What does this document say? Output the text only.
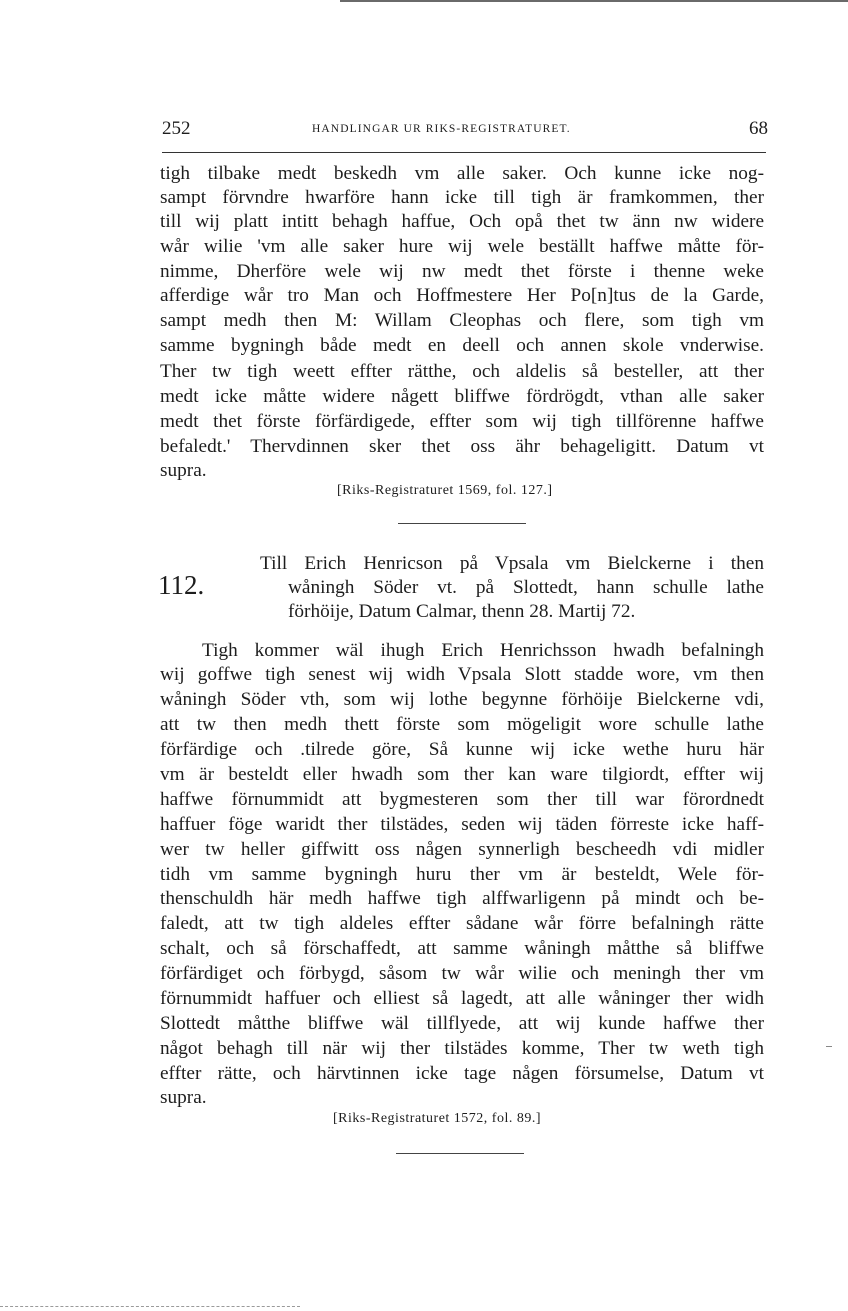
252	HANDLINGAR UR RIKS-REGISTRATURET.	68
tigh tilbake medt beskedh vm alle saker. Och kunne icke nog-
sampt förvndre hwarföre hann icke till tigh är framkommen, ther
till wij platt intitt behagh haffue, Och opå thet tw änn nw widere
wår wilie 'vm alle saker hure wij wele beställt haffwe måtte för-
nimme, Dherföre wele wij nw medt thet förste i thenne weke
afferdige wår tro Man och Hoffmestere Her Po[n]tus de la Garde,
sampt medh then M: Willam Cleophas och flere, som tigh vm
samme bygningh både medt en deell och annen skole vnderwise.
Ther tw tigh weett effter rätthe, och aldelis så besteller, att ther
medt icke måtte widere någett bliffwe fördrögdt, vthan alle saker
medt thet förste förfärdigede, effter som wij tigh tillförenne haffwe
befaledt.' Thervdinnen sker thet oss ähr behageligitt. Datum vt
supra.
[Riks-Registraturet 1569, fol. 127.]
112.
Till Erich Henricson på Vpsala vm Bielckerne i then
wåningh Söder vt. på Slottedt, hann schulle lathe
förhöije, Datum Calmar, thenn 28. Martij 72.
Tigh kommer wäl ihugh Erich Henrichsson hwadh befalningh
wij goffwe tigh senest wij widh Vpsala Slott stadde wore, vm then
wåningh Söder vth, som wij lothe begynne förhöije Bielckerne vdi,
att tw then medh thett förste som mögeligit wore schulle lathe
förfärdige och .tilrede göre, Så kunne wij icke wethe huru här
vm är besteldt eller hwadh som ther kan ware tilgiordt, effter wij
haffwe förnummidt att bygmesteren som ther till war förordnedt
haffuer föge waridt ther tilstädes, seden wij täden förreste icke haff-
wer tw heller giffwitt oss någen synnerligh bescheedh vdi midler
tidh vm samme bygningh huru ther vm är besteldt, Wele för-
thenschuldh här medh haffwe tigh alffwarligenn på mindt och be-
faledt, att tw tigh aldeles effter sådane wår förre befalningh rätte
schalt, och så förschaffedt, att samme wåningh måtthe så bliffwe
förfärdiget och förbygd, såsom tw wår wilie och meningh ther vm
förnummidt haffuer och elliest så lagedt, att alle wåninger ther widh
Slottedt måtthe bliffwe wäl tillflyede, att wij kunde haffwe ther
något behagh till när wij ther tilstädes komme, Ther tw weth tigh
effter rätte, och härvtinnen icke tage någen försumelse, Datum vt
supra.
[Riks-Registraturet 1572, fol. 89.]
